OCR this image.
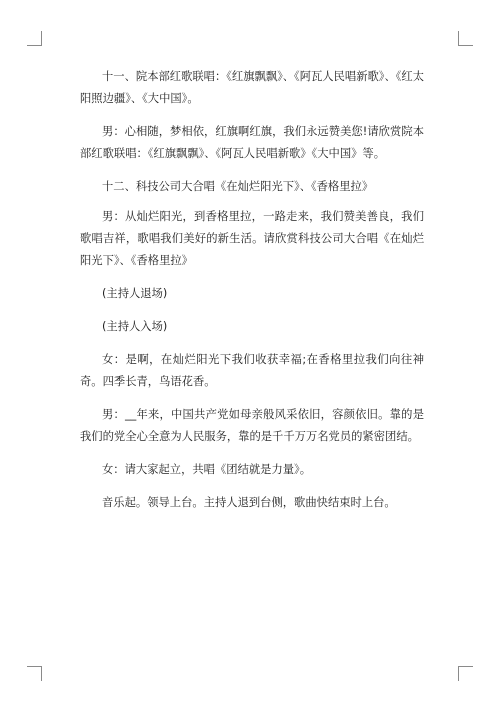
十一、院本部红歌联唱：《红旗飘飘》、《阿瓦人民唱新歌》、《红太阳照边疆》、《大中国》。

男：心相随，梦相依，红旗啊红旗，我们永远赞美您!请欣赏院本部红歌联唱：《红旗飘飘》、《阿瓦人民唱新歌》《大中国》等。

十二、科技公司大合唱《在灿烂阳光下》、《香格里拉》

男：从灿烂阳光，到香格里拉，一路走来，我们赞美善良，我们歌唱吉祥，歌唱我们美好的新生活。请欣赏科技公司大合唱《在灿烂阳光下》、《香格里拉》

(主持人退场)

(主持人入场)

女：是啊，在灿烂阳光下我们收获幸福;在香格里拉我们向往神奇。四季长青，鸟语花香。

男：__年来，中国共产党如母亲般风采依旧，容颜依旧。靠的是我们的党全心全意为人民服务，靠的是千千万万名党员的紧密团结。

女：请大家起立，共唱《团结就是力量》。

音乐起。领导上台。主持人退到台侧，歌曲快结束时上台。
